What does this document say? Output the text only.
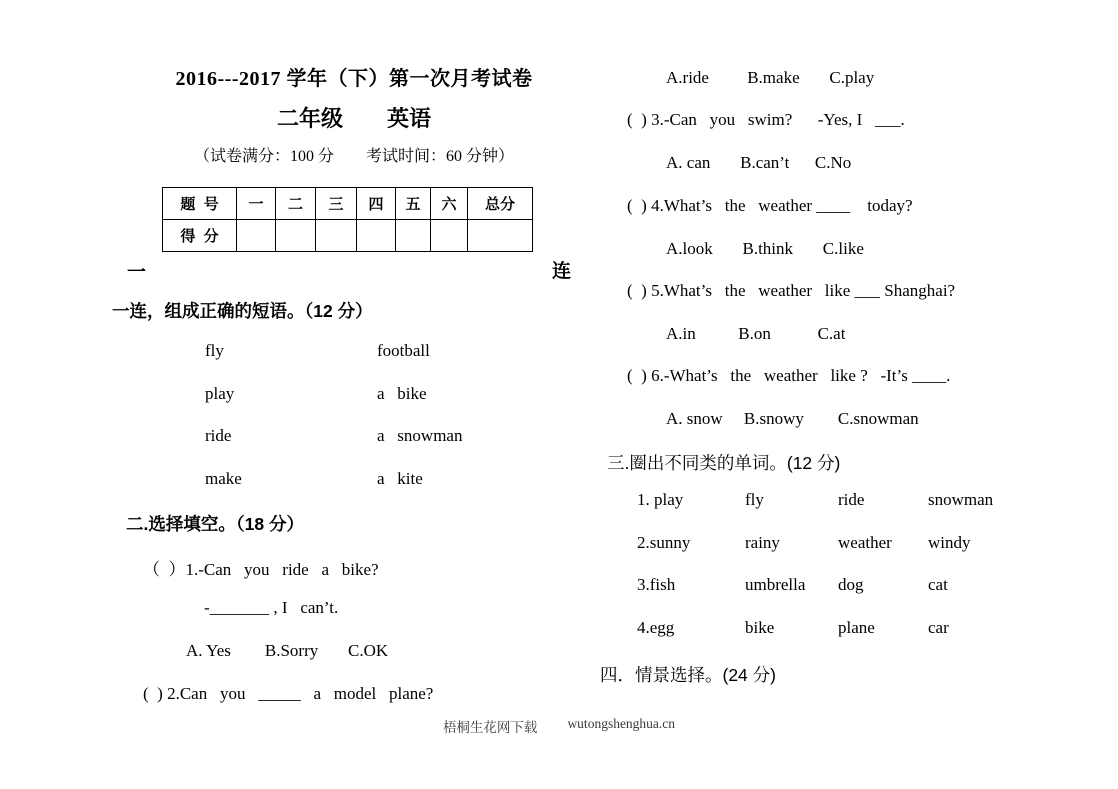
2016---2017 学年（下）第一次月考试卷
二年级        英语
（试卷满分：100 分        考试时间：60 分钟）
题  号	一	二	三	四	五	六	总分
得  分							
一	连
一连，组成正确的短语。（12 分）
fly	football
play	a   bike
ride	a   snowman
make	a   kite
二.选择填空。（18 分）
（  ）1.-Can   you   ride   a   bike?
-_______ , I   can’t.
A. Yes        B.Sorry       C.OK
(  ) 2.Can   you   _____   a   model   plane?
A.ride         B.make       C.play
(  ) 3.-Can   you   swim?      -Yes, I   ___.
A. can       B.can’t      C.No
(  ) 4.What’s   the   weather ____    today?
A.look       B.think       C.like
(  ) 5.What’s   the   weather   like ___ Shanghai?
A.in          B.on           C.at
(  ) 6.-What’s   the   weather   like ?   -It’s ____.
A. snow     B.snowy        C.snowman
三.圈出不同类的单词。(12 分)
1. play	fly	ride	snowman
2.sunny	rainy	weather	windy
3.fish	umbrella	dog	cat
4.egg	bike	plane	car
四．情景选择。(24 分)
梧桐生花网下载 wutongshenghua.cn
